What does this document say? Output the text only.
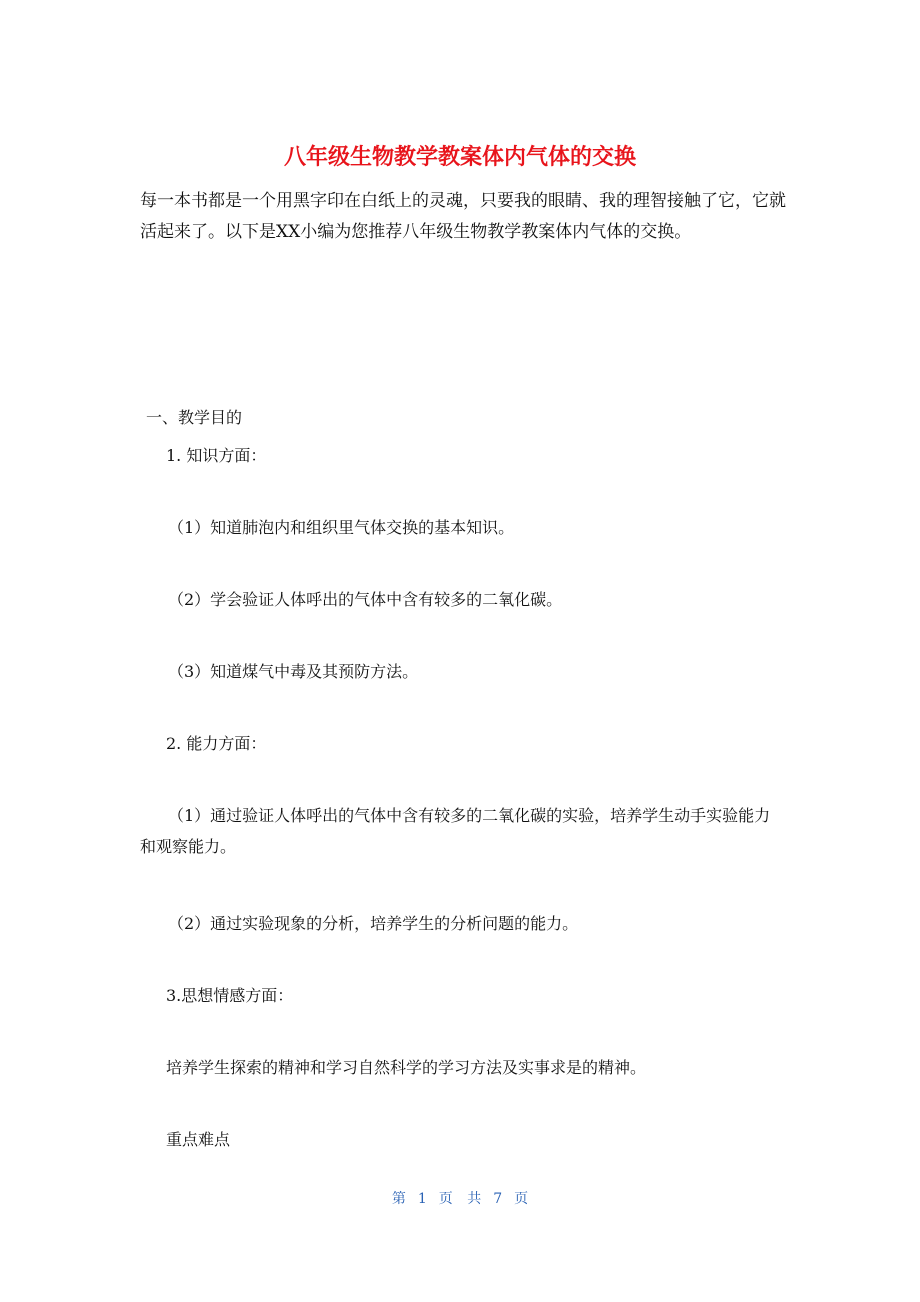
八年级生物教学教案体内气体的交换

每一本书都是一个用黑字印在白纸上的灵魂，只要我的眼睛、我的理智接触了它，它就活起来了。以下是XX小编为您推荐八年级生物教学教案体内气体的交换。

一、教学目的

1. 知识方面：

（1）知道肺泡内和组织里气体交换的基本知识。

（2）学会验证人体呼出的气体中含有较多的二氧化碳。

（3）知道煤气中毒及其预防方法。

2. 能力方面：

（1）通过验证人体呼出的气体中含有较多的二氧化碳的实验，培养学生动手实验能力和观察能力。

（2）通过实验现象的分析，培养学生的分析问题的能力。

3.思想情感方面：

培养学生探索的精神和学习自然科学的学习方法及实事求是的精神。

重点难点

第 1 页 共 7 页
